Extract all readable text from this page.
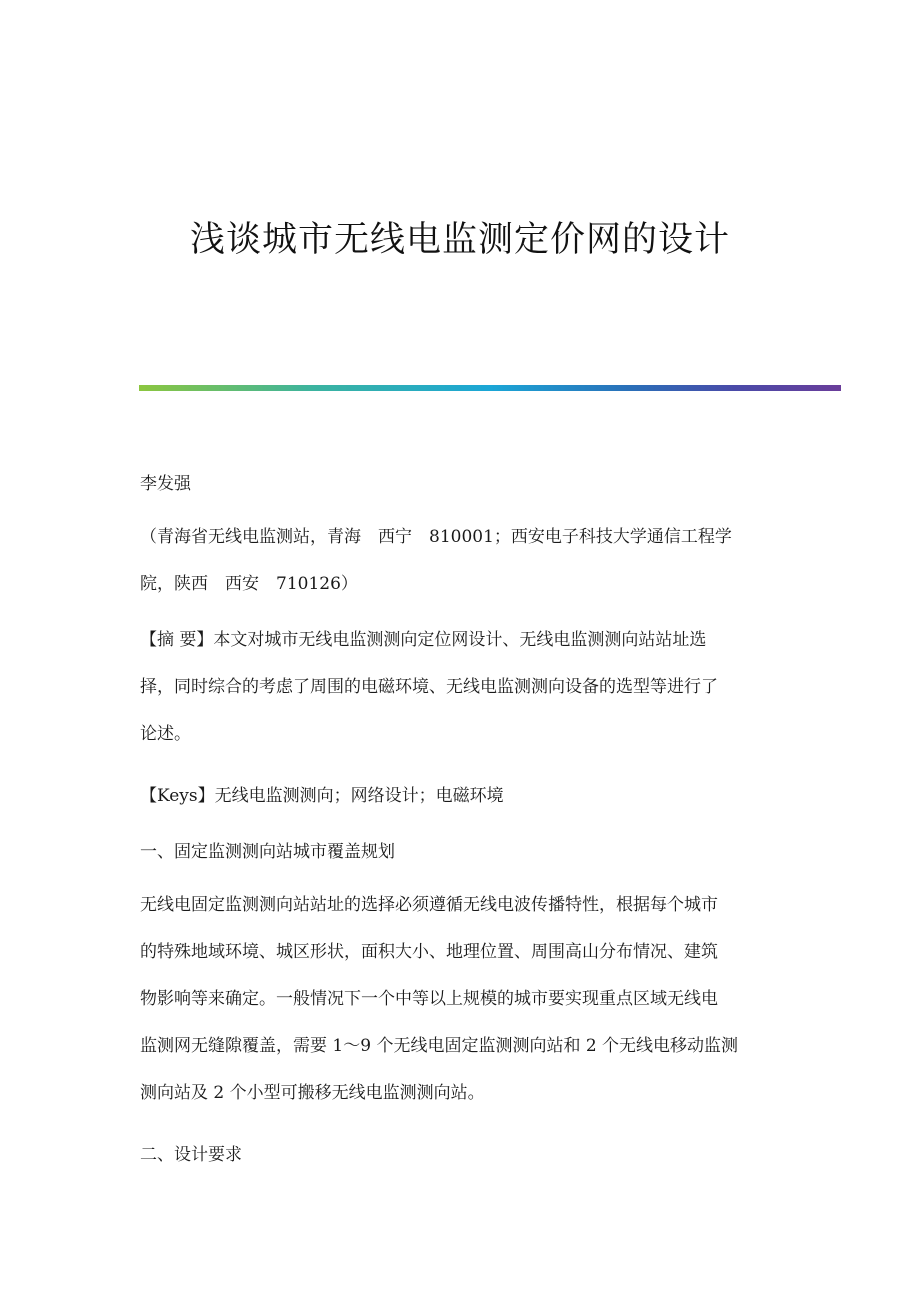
浅谈城市无线电监测定价网的设计

李发强

（青海省无线电监测站，青海　西宁　810001；西安电子科技大学通信工程学
院，陕西　西安　710126）
【摘 要】本文对城市无线电监测测向定位网设计、无线电监测测向站站址选
择，同时综合的考虑了周围的电磁环境、无线电监测测向设备的选型等进行了
论述。

【Keys】无线电监测测向；网络设计；电磁环境

一、固定监测测向站城市覆盖规划

无线电固定监测测向站站址的选择必须遵循无线电波传播特性，根据每个城市
的特殊地域环境、城区形状，面积大小、地理位置、周围高山分布情况、建筑
物影响等来确定。一般情况下一个中等以上规模的城市要实现重点区域无线电
监测网无缝隙覆盖，需要 1～9 个无线电固定监测测向站和 2 个无线电移动监测
测向站及 2 个小型可搬移无线电监测测向站。

二、设计要求
